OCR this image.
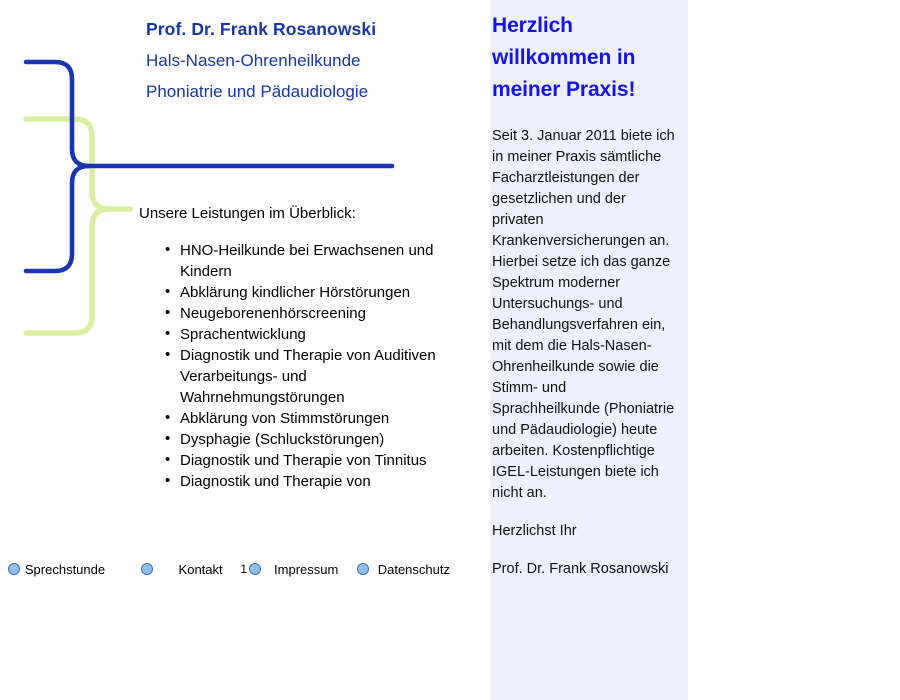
Prof. Dr. Frank Rosanowski
Hals-Nasen-Ohrenheilkunde
Phoniatrie und Pädaudiologie
Unsere Leistungen im Überblick:
• HNO-Heilkunde bei Erwachsenen und Kindern
• Abklärung kindlicher Hörstörungen
• Neugeborenenhörscreening
• Sprachentwicklung
• Diagnostik und Therapie von Auditiven Verarbeitungs- und Wahrnehmungstörungen
• Abklärung von Stimmstörungen
• Dysphagie (Schluckstörungen)
• Diagnostik und Therapie von Tinnitus
• Diagnostik und Therapie von
Sprechstunde	Kontakt 1 Impressum	Datenschutz
Herzlich willkommen in meiner Praxis!

Seit 3. Januar 2011 biete ich in meiner Praxis sämtliche Facharztleistungen der gesetzlichen und der privaten Krankenversicherungen an. Hierbei setze ich das ganze Spektrum moderner Untersuchungs- und Behandlungsverfahren ein, mit dem die Hals-Nasen-Ohrenheilkunde sowie die Stimm- und Sprachheilkunde (Phoniatrie und Pädaudiologie) heute arbeiten. Kostenpflichtige IGEL-Leistungen biete ich nicht an.

Herzlichst Ihr

Prof. Dr. Frank Rosanowski
